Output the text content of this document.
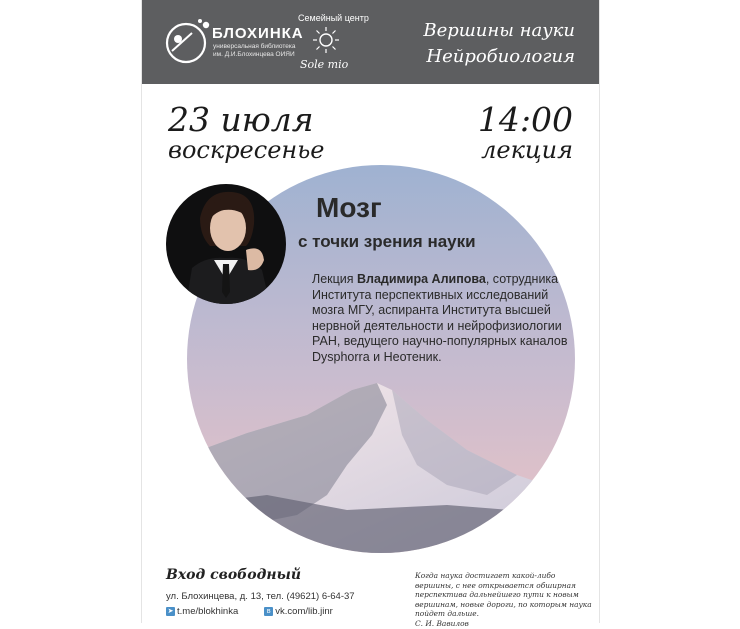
БЛОХИНКА
универсальная библиотека
им. Д.И.Блохинцева ОИЯИ
Семейный центр
Sole mio
Вершины науки
Нейробиология
23 июля
воскресенье
14:00
лекция
Мозг
с точки зрения науки
Лекция Владимира Алипова, сотрудника Института перспективных исследований мозга МГУ, аспиранта Института высшей нервной деятельности и нейрофизиологии РАН, ведущего научно-популярных каналов Dysphorra и Неотеник.
Вход свободный
ул. Блохинцева, д. 13, тел. (49621) 6-64-37
➤ t.me/blokhinka	в vk.com/lib.jinr
Когда наука достигает какой-либо вершины, с нее открывается обширная перспектива дальнейшего пути к новым вершинам, новые дороги, по которым наука пойдет дальше.
С. И. Вавилов
